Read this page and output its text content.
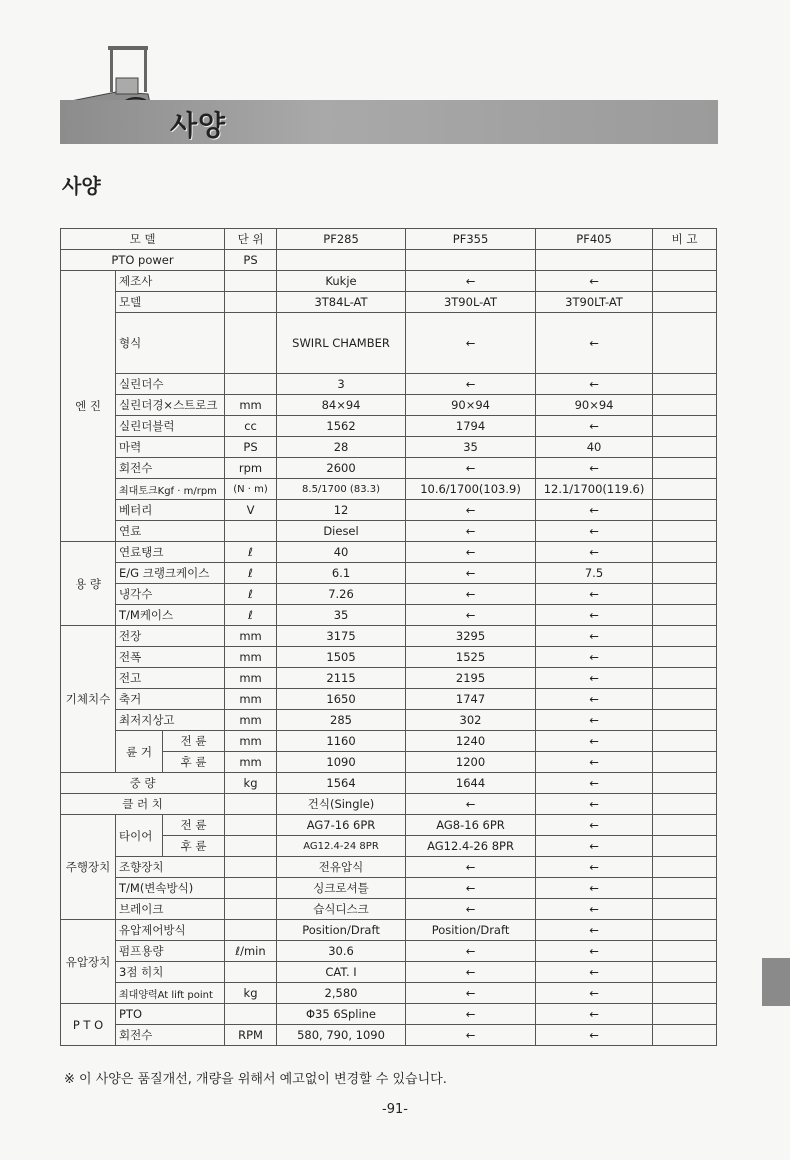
사양
사양
모 델			단 위	PF285	PF355	PF405	비 고
PTO power			PS				
엔 진	제조사			Kukje	←	←	
	모델			3T84L-AT	3T90L-AT	3T90LT-AT	
	형식			SWIRL CHAMBER	←	←	
	실린더수			3	←	←	
	실린더경×스트로크		mm	84×94	90×94	90×94	
	실린더블럭		cc	1562	1794	←	
	마력		PS	28	35	40	
	회전수		rpm	2600	←	←	
	최대토크Kgf · m/rpm		(N · m)	8.5/1700 (83.3)	10.6/1700(103.9)	12.1/1700(119.6)	
	베터리		V	12	←	←	
	연료			Diesel	←	←	
용 량	연료탱크		ℓ	40	←	←	
	E/G 크랭크케이스		ℓ	6.1	←	7.5	
	냉각수		ℓ	7.26	←	←	
	T/M케이스		ℓ	35	←	←	
기체치수	전장		mm	3175	3295	←	
	전폭		mm	1505	1525	←	
	전고		mm	2115	2195	←	
	축거		mm	1650	1747	←	
	최저지상고		mm	285	302	←	
	륜 거	전 륜	mm	1160	1240	←	
		후 륜	mm	1090	1200	←	
중 량			kg	1564	1644	←	
클 러 치				건식(Single)	←	←	
주행장치	타이어	전 륜		AG7-16 6PR	AG8-16 6PR	←	
		후 륜		AG12.4-24 8PR	AG12.4-26 8PR	←	
	조향장치			전유압식	←	←	
	T/M(변속방식)			싱크로셔틀	←	←	
	브레이크			습식디스크	←	←	
유압장치	유압제어방식			Position/Draft	Position/Draft	←	
	펌프용량		ℓ/min	30.6	←	←	
	3점 히치			CAT. I	←	←	
	최대양력At lift point		kg	2,580	←	←	
P T O	PTO			Φ35 6Spline	←	←	
	회전수		RPM	580, 790, 1090	←	←	
※ 이 사양은 품질개선, 개량을 위해서 예고없이 변경할 수 있습니다.
-91-
